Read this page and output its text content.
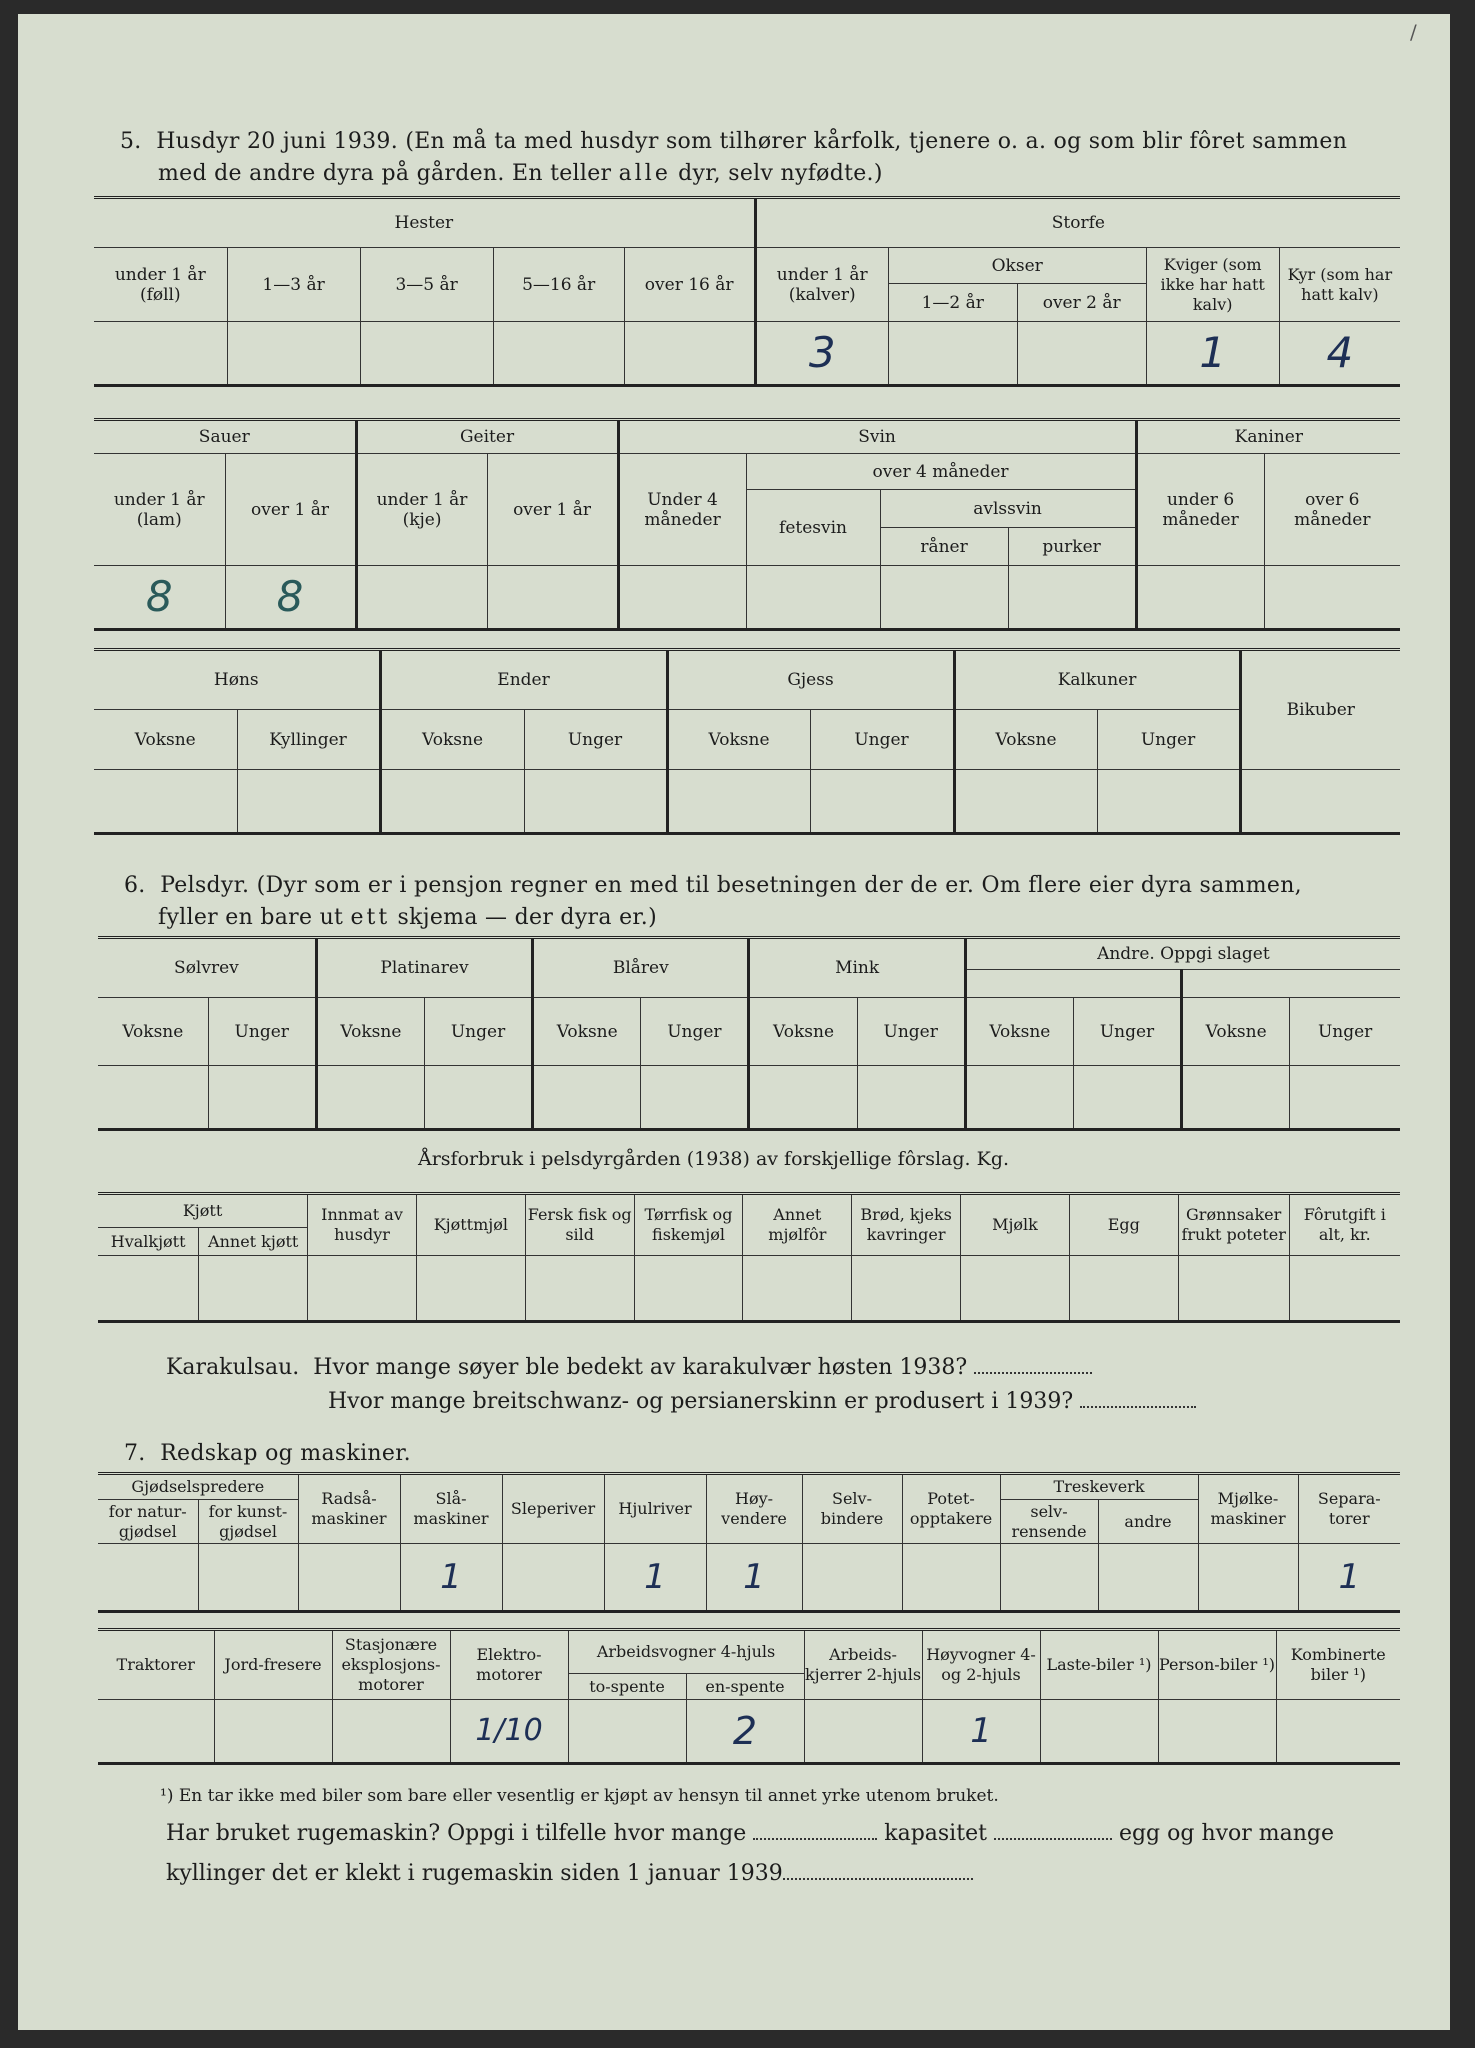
/
5. Husdyr 20 juni 1939. (En må ta med husdyr som tilhører kårfolk, tjenere o. a. og som blir fôret sammen
med de andre dyra på gården. En teller alle dyr, selv nyfødte.)
Hester					Storfe				
under 1 år (føll)	1—3 år	3—5 år	5—16 år	over 16 år	under 1 år (kalver)	Okser		Kviger (som ikke har hatt kalv)	Kyr (som har hatt kalv)
						1—2 år	over 2 år		
					3			1	4
Sauer		Geiter		Svin				Kaniner	
under 1 år (lam)	over 1 år	under 1 år (kje)	over 1 år	Under 4 måneder	over 4 måneder			under 6 måneder	over 6 måneder
					fetesvin	avlssvin			
						råner	purker		
8	8								
Høns		Ender		Gjess		Kalkuner		Bikuber
Voksne	Kyllinger	Voksne	Unger	Voksne	Unger	Voksne	Unger	

6. Pelsdyr. (Dyr som er i pensjon regner en med til besetningen der de er. Om flere eier dyra sammen,
fyller en bare ut ett skjema — der dyra er.)
Sølvrev		Platinarev		Blårev		Mink		Andre. Oppgi slaget			

Voksne	Unger	Voksne	Unger	Voksne	Unger	Voksne	Unger	Voksne	Unger	Voksne	Unger

Årsforbruk i pelsdyrgården (1938) av forskjellige fôrslag. Kg.
Kjøtt		Innmat av husdyr	Kjøttmjøl	Fersk fisk og sild	Tørrfisk og fiskemjøl	Annet mjølfôr	Brød, kjeks kavringer	Mjølk	Egg	Grønnsaker frukt poteter	Fôrutgift i alt, kr.
Hvalkjøtt	Annet kjøtt										

Karakulsau. Hvor mange søyer ble bedekt av karakulvær høsten 1938?
Hvor mange breitschwanz- og persianerskinn er produsert i 1939?
7. Redskap og maskiner.
Gjødselspredere		Radså-maskiner	Slå-maskiner	Sleperiver	Hjulriver	Høy-vendere	Selv-bindere	Potet-opptakere	Treskeverk		Mjølke-maskiner	Separa-torer
for natur-gjødsel	for kunst-gjødsel								selv-rensende	andre		
			1		1	1						1
Traktorer	Jord-fresere	Stasjonære eksplosjons-motorer	Elektro-motorer	Arbeidsvogner 4-hjuls		Arbeids-kjerrer 2-hjuls	Høyvogner 4- og 2-hjuls	Laste-biler ¹)	Person-biler ¹)	Kombinerte biler ¹)
				to-spente	en-spente					
			1/10		2		1			
¹) En tar ikke med biler som bare eller vesentlig er kjøpt av hensyn til annet yrke utenom bruket.
Har bruket rugemaskin? Oppgi i tilfelle hvor mange	kapasitet	egg og hvor mange
kyllinger det er klekt i rugemaskin siden 1 januar 1939
